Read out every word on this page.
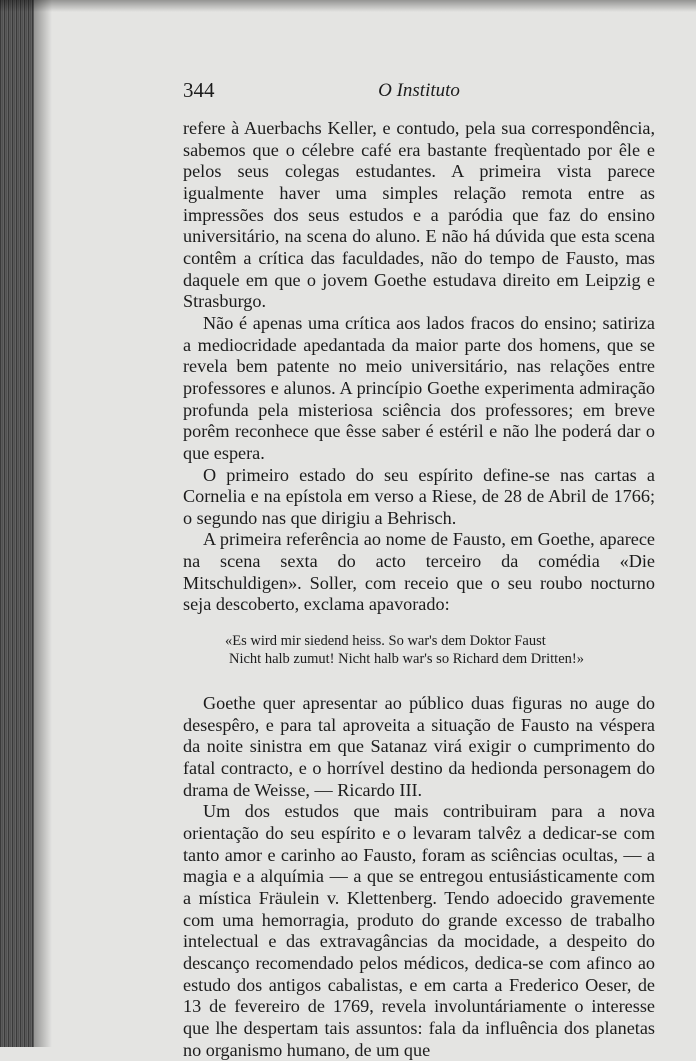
344	O Instituto

refere à Auerbachs Keller, e contudo, pela sua correspondência, sabemos que o célebre café era bastante freqùentado por êle e pelos seus colegas estudantes. A primeira vista parece igualmente haver uma simples relação remota entre as impressões dos seus estudos e a paródia que faz do ensino universitário, na scena do aluno. E não há dúvida que esta scena contêm a crítica das faculdades, não do tempo de Fausto, mas daquele em que o jovem Goethe estudava direito em Leipzig e Strasburgo.

Não é apenas uma crítica aos lados fracos do ensino; satiriza a mediocridade apedantada da maior parte dos homens, que se revela bem patente no meio universitário, nas relações entre professores e alunos. A princípio Goethe experimenta admiração profunda pela misteriosa sciência dos professores; em breve porêm reconhece que êsse saber é estéril e não lhe poderá dar o que espera.

O primeiro estado do seu espírito define-se nas cartas a Cornelia e na epístola em verso a Riese, de 28 de Abril de 1766; o segundo nas que dirigiu a Behrisch.

A primeira referência ao nome de Fausto, em Goethe, aparece na scena sexta do acto terceiro da comédia «Die Mitschuldigen». Soller, com receio que o seu roubo nocturno seja descoberto, exclama apavorado:

«Es wird mir siedend heiss. So war's dem Doktor Faust
Nicht halb zumut! Nicht halb war's so Richard dem Dritten!»

Goethe quer apresentar ao público duas figuras no auge do desespêro, e para tal aproveita a situação de Fausto na véspera da noite sinistra em que Satanaz virá exigir o cumprimento do fatal contracto, e o horrível destino da hedionda personagem do drama de Weisse, — Ricardo III.

Um dos estudos que mais contribuiram para a nova orientação do seu espírito e o levaram talvêz a dedicar-se com tanto amor e carinho ao Fausto, foram as sciências ocultas, — a magia e a alquímia — a que se entregou entusiásticamente com a mística Fräulein v. Klettenberg. Tendo adoecido gravemente com uma hemorragia, produto do grande excesso de trabalho intelectual e das extravagâncias da mocidade, a despeito do descanço recomendado pelos médicos, dedica-se com afinco ao estudo dos antigos cabalistas, e em carta a Frederico Oeser, de 13 de fevereiro de 1769, revela involuntáriamente o interesse que lhe despertam tais assuntos: fala da influência dos planetas no organismo humano, de um que
